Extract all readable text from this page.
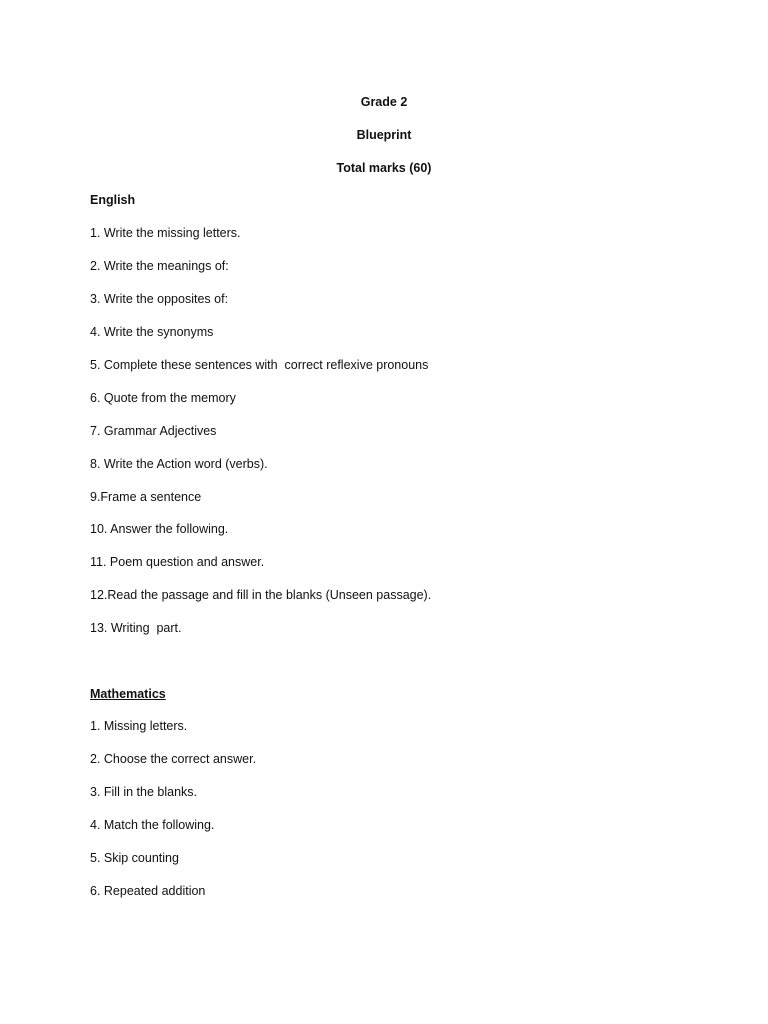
Grade 2
Blueprint
Total marks (60)
English
1. Write the missing letters.
2. Write the meanings of:
3. Write the opposites of:
4. Write the synonyms
5. Complete these sentences with  correct reflexive pronouns
6. Quote from the memory
7. Grammar Adjectives
8. Write the Action word (verbs).
9.Frame a sentence
10. Answer the following.
11. Poem question and answer.
12.Read the passage and fill in the blanks (Unseen passage).
13. Writing  part.
Mathematics
1. Missing letters.
2. Choose the correct answer.
3. Fill in the blanks.
4. Match the following.
5. Skip counting
6. Repeated addition
